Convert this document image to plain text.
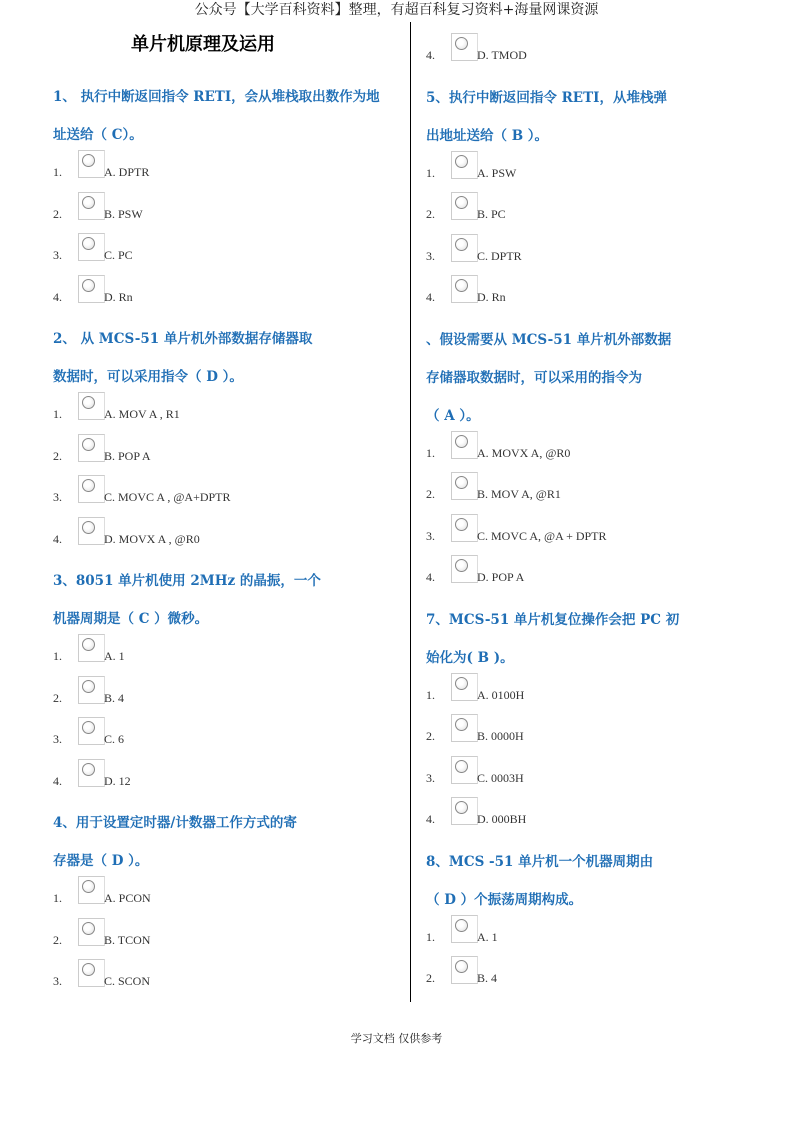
公众号【大学百科资料】整理，有超百科复习资料+海量网课资源
单片机原理及运用
1、 执行中断返回指令 RETI，会从堆栈取出数作为地
址送给（ C）。
1.	A. DPTR
2.	B. PSW
3.	C. PC
4.	D. Rn
2、 从 MCS-51 单片机外部数据存储器取
数据时，可以采用指令（ D ）。
1.	A. MOV A , R1
2.	B. POP A
3.	C. MOVC A , @A+DPTR
4.	D. MOVX A , @R0
3、8051 单片机使用 2MHz 的晶振，一个
机器周期是（ C ）微秒。
1.	A. 1
2.	B. 4
3.	C. 6
4.	D. 12
4、用于设置定时器/计数器工作方式的寄
存器是（ D ）。
1.	A. PCON
2.	B. TCON
3.	C. SCON
4.	D. TMOD
5、执行中断返回指令 RETI，从堆栈弹
出地址送给（ B ）。
1.	A. PSW
2.	B. PC
3.	C. DPTR
4.	D. Rn
、假设需要从 MCS-51 单片机外部数据
存储器取数据时，可以采用的指令为
（ A ）。
1.	A. MOVX A, @R0
2.	B. MOV A, @R1
3.	C. MOVC A, @A + DPTR
4.	D. POP A
7、MCS-51 单片机复位操作会把 PC 初
始化为( B )。
1.	A. 0100H
2.	B. 0000H
3.	C. 0003H
4.	D. 000BH
8、MCS -51 单片机一个机器周期由
（ D ）个振荡周期构成。
1.	A. 1
2.	B. 4
学习文档 仅供参考
